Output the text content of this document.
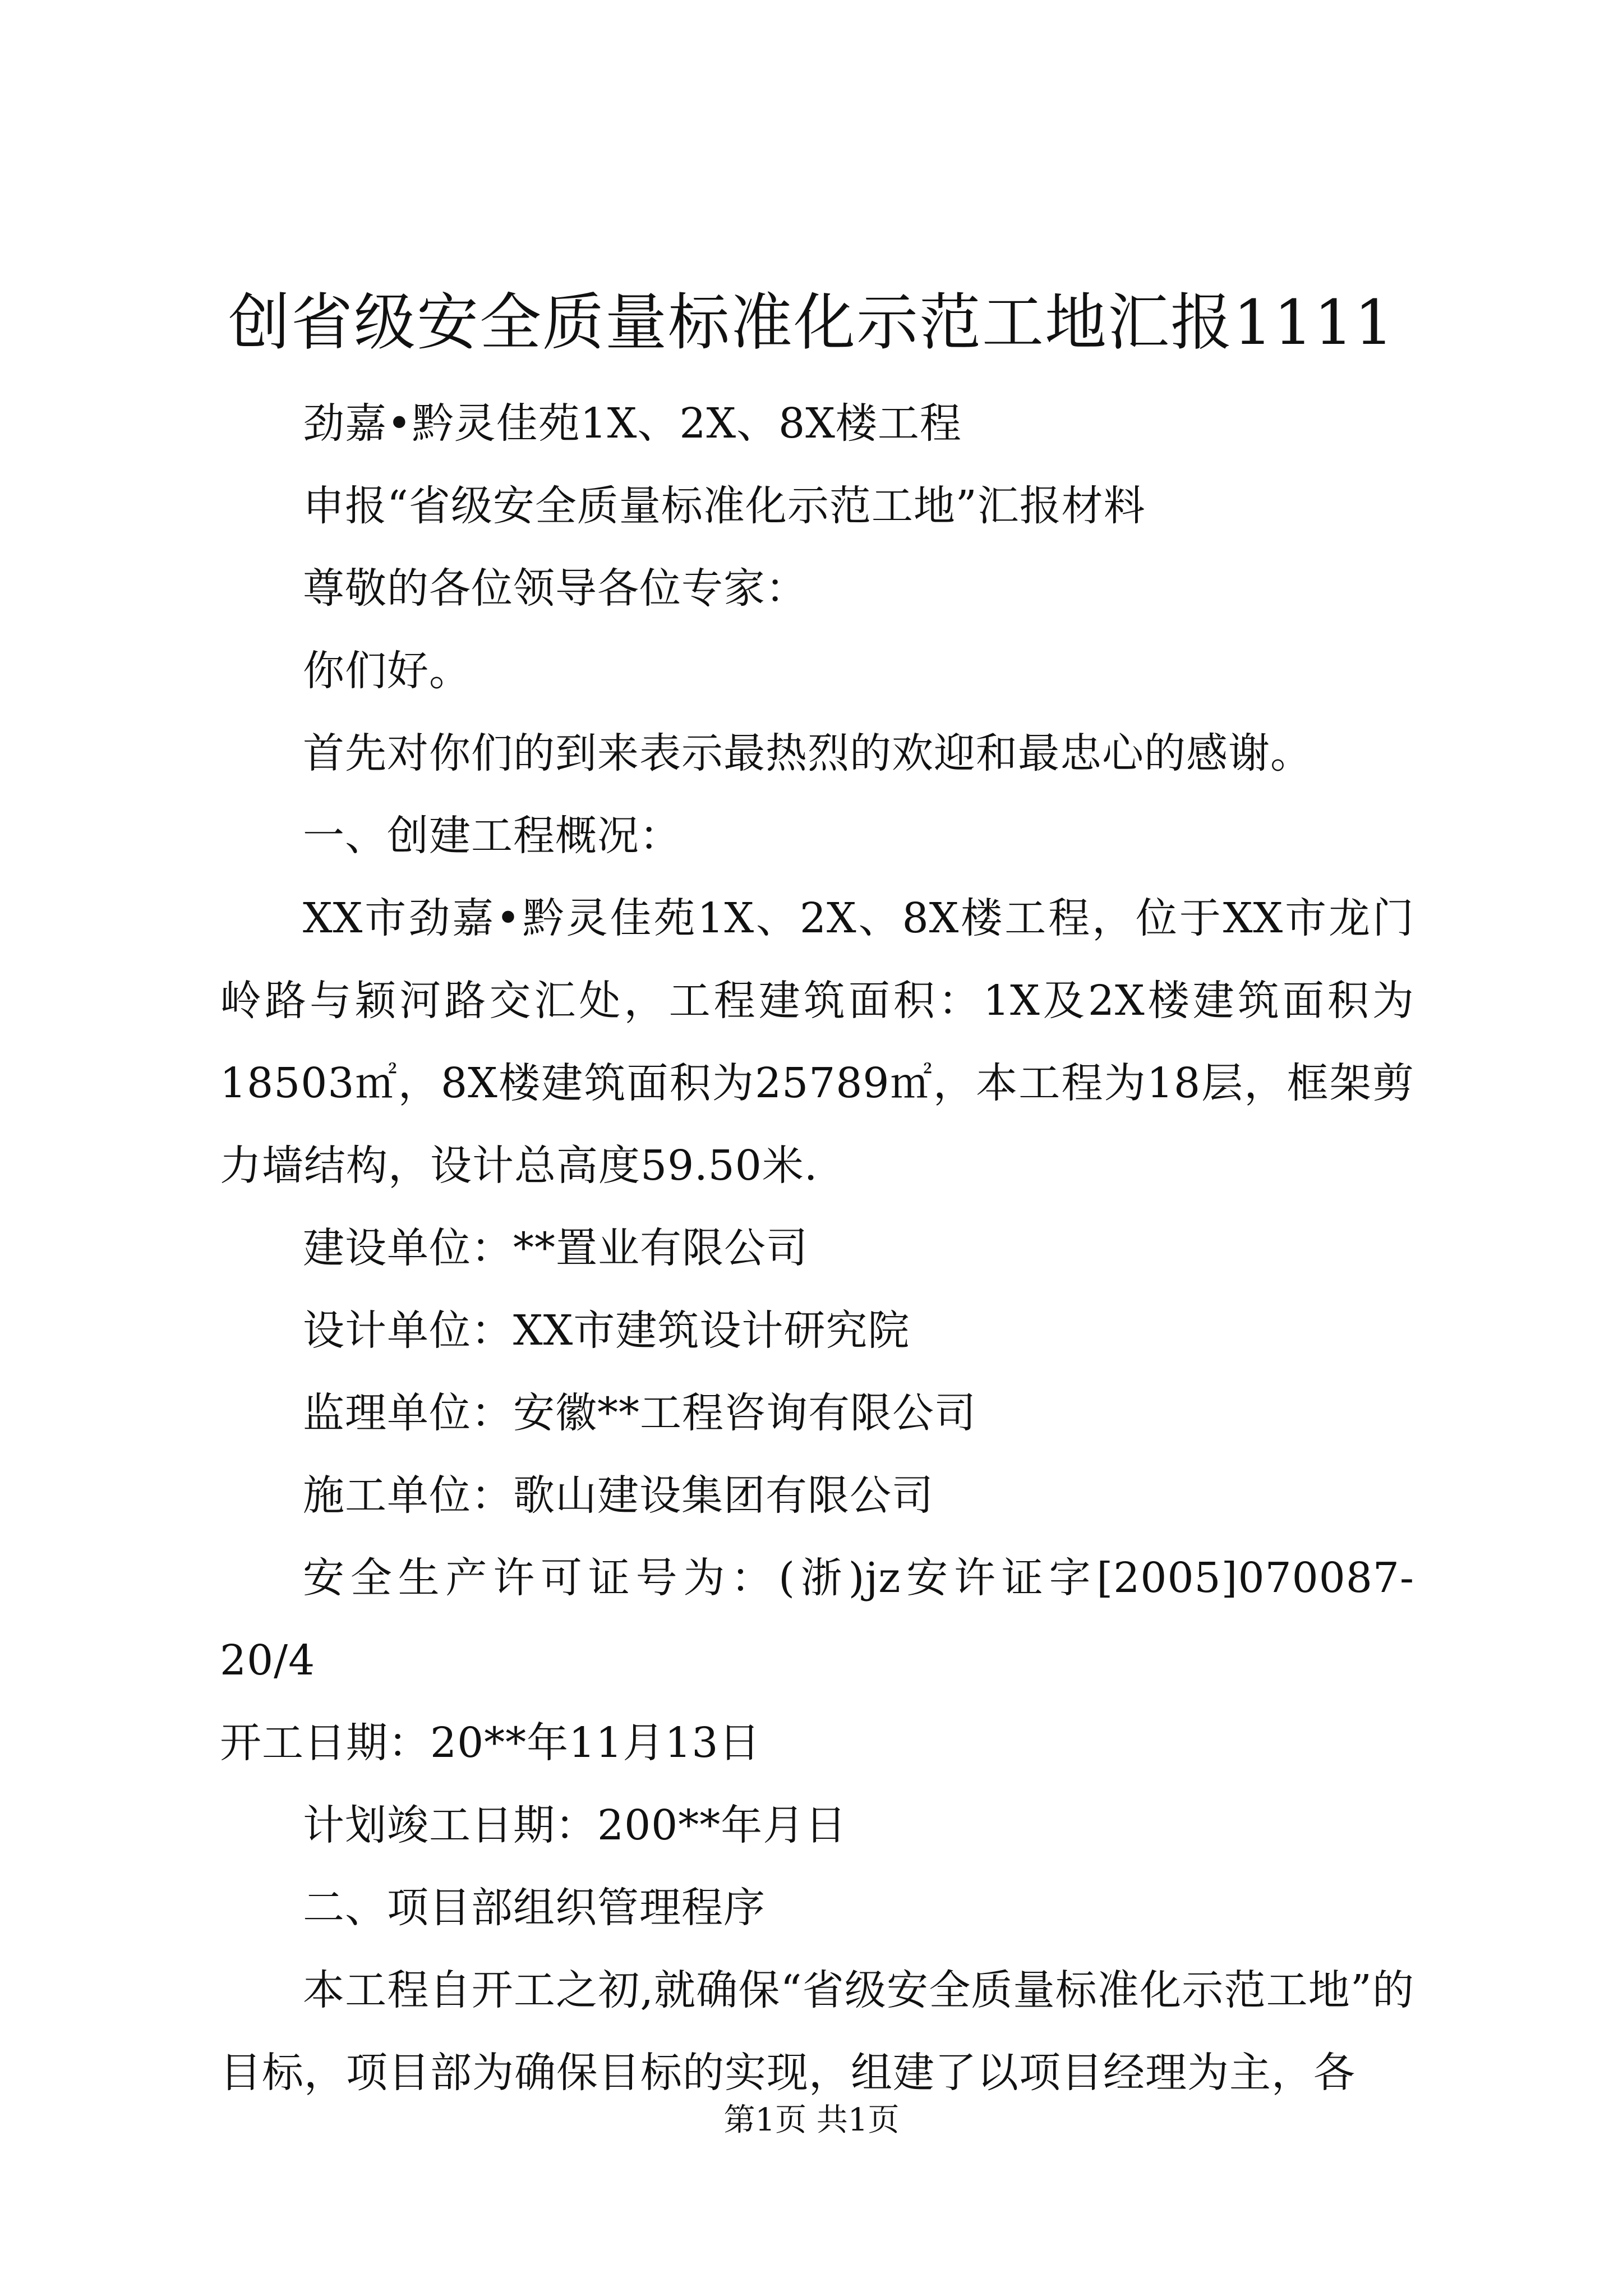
创省级安全质量标准化示范工地汇报1111

劲嘉•黔灵佳苑1X、2X、8X楼工程

申报“省级安全质量标准化示范工地”汇报材料

尊敬的各位领导各位专家：

你们好。

首先对你们的到来表示最热烈的欢迎和最忠心的感谢。

一、创建工程概况：

XX市劲嘉•黔灵佳苑1X、2X、8X楼工程，位于XX市龙门岭路与颖河路交汇处，工程建筑面积：1X及2X楼建筑面积为18503㎡，8X楼建筑面积为25789㎡，本工程为18层，框架剪力墙结构，设计总高度59.50米.

建设单位：**置业有限公司

设计单位：XX市建筑设计研究院

监理单位：安徽**工程咨询有限公司

施工单位：歌山建设集团有限公司

安全生产许可证号为：(浙)jz安许证字[2005]070087-20/4

开工日期：20**年11月13日

计划竣工日期：200**年月日

二、项目部组织管理程序

本工程自开工之初,就确保“省级安全质量标准化示范工地”的目标，项目部为确保目标的实现，组建了以项目经理为主，各

第1页 共1页
